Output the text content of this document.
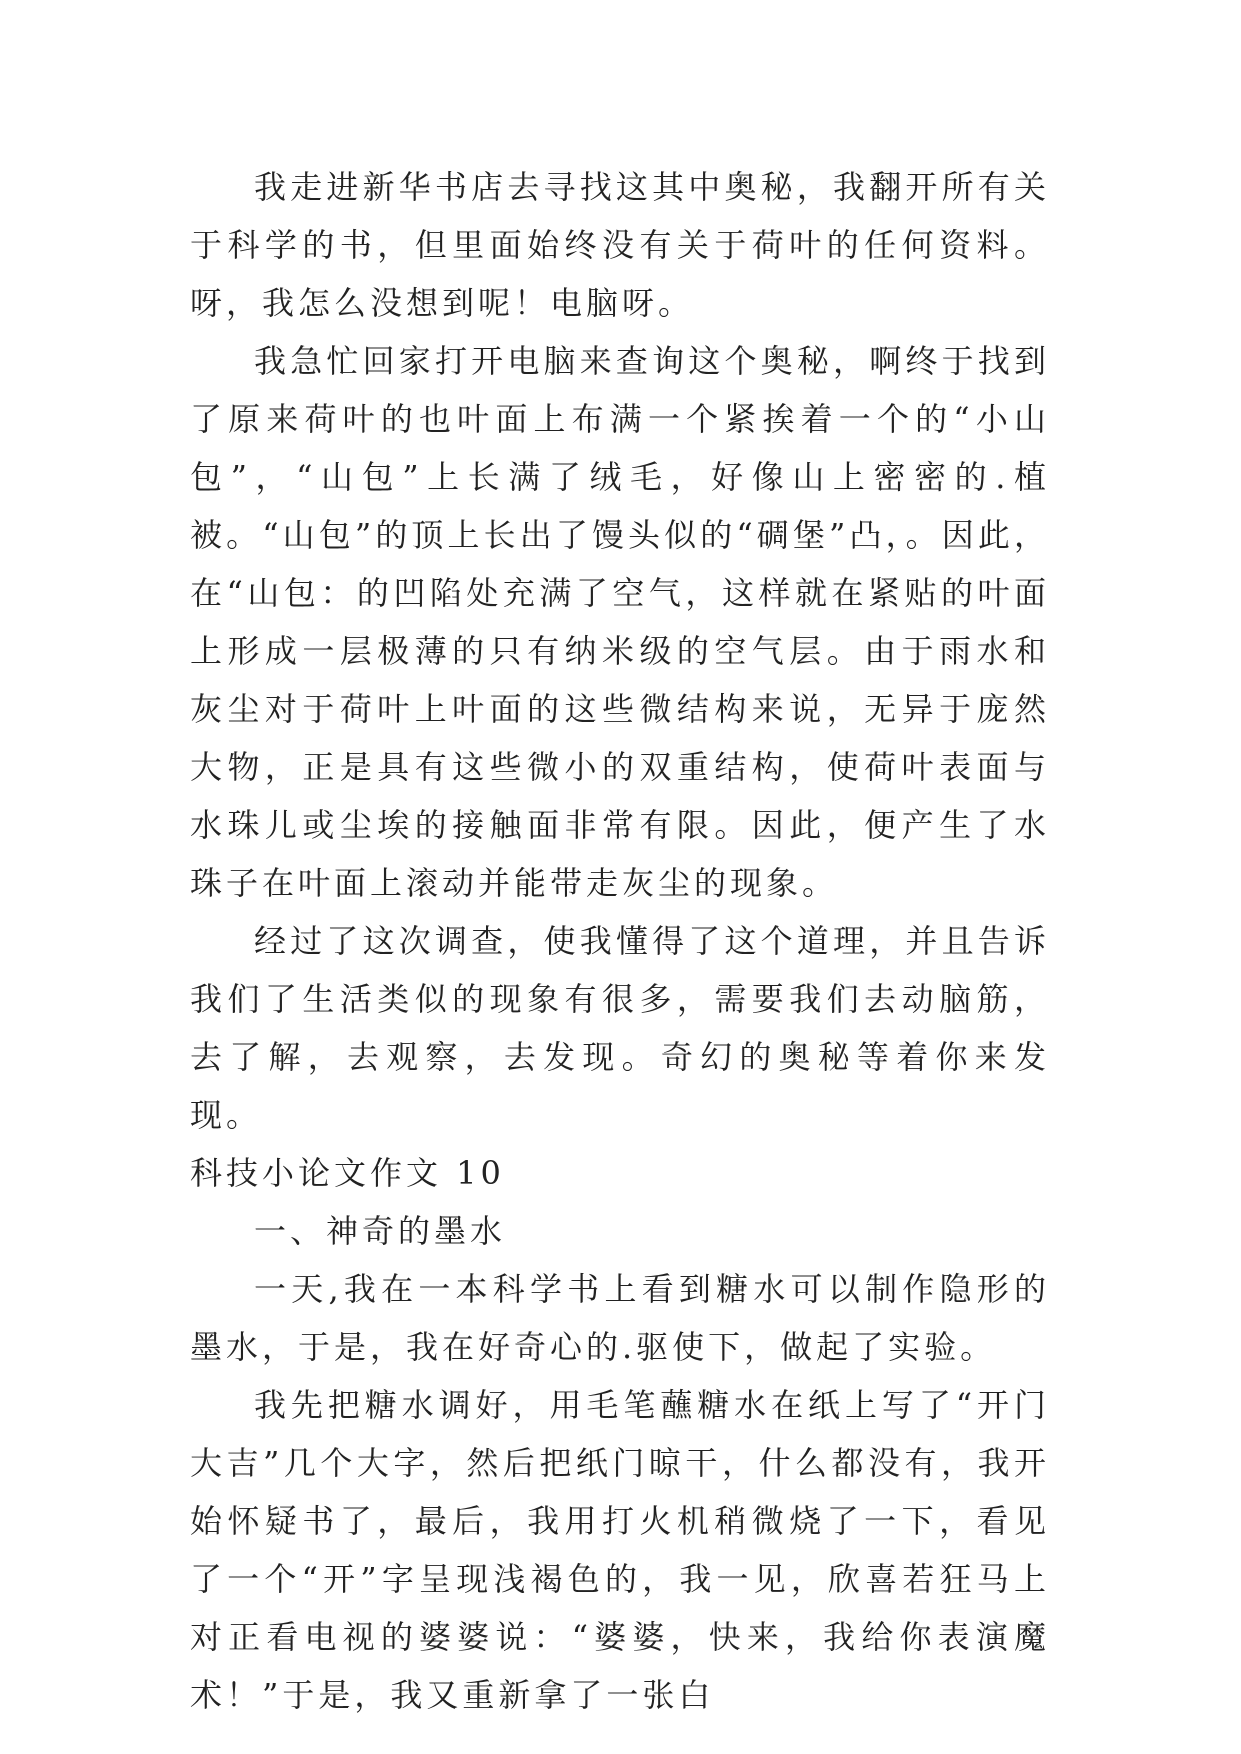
我走进新华书店去寻找这其中奥秘，我翻开所有关于科学的书，但里面始终没有关于荷叶的任何资料。呀，我怎么没想到呢！电脑呀。

我急忙回家打开电脑来查询这个奥秘，啊终于找到了原来荷叶的也叶面上布满一个紧挨着一个的“小山包”，“山包”上长满了绒毛，好像山上密密的.植被。“山包”的顶上长出了馒头似的“碉堡”凸，。因此，在“山包：的凹陷处充满了空气，这样就在紧贴的叶面上形成一层极薄的只有纳米级的空气层。由于雨水和灰尘对于荷叶上叶面的这些微结构来说，无异于庞然大物，正是具有这些微小的双重结构，使荷叶表面与水珠儿或尘埃的接触面非常有限。因此，便产生了水珠子在叶面上滚动并能带走灰尘的现象。

经过了这次调查，使我懂得了这个道理，并且告诉我们了生活类似的现象有很多，需要我们去动脑筋，去了解，去观察，去发现。奇幻的奥秘等着你来发现。

科技小论文作文 10

一、神奇的墨水

一天,我在一本科学书上看到糖水可以制作隐形的墨水，于是，我在好奇心的.驱使下，做起了实验。

我先把糖水调好，用毛笔蘸糖水在纸上写了“开门大吉”几个大字，然后把纸门晾干，什么都没有，我开始怀疑书了，最后，我用打火机稍微烧了一下，看见了一个“开”字呈现浅褐色的，我一见，欣喜若狂马上对正看电视的婆婆说：“婆婆，快来，我给你表演魔术！”于是，我又重新拿了一张白
